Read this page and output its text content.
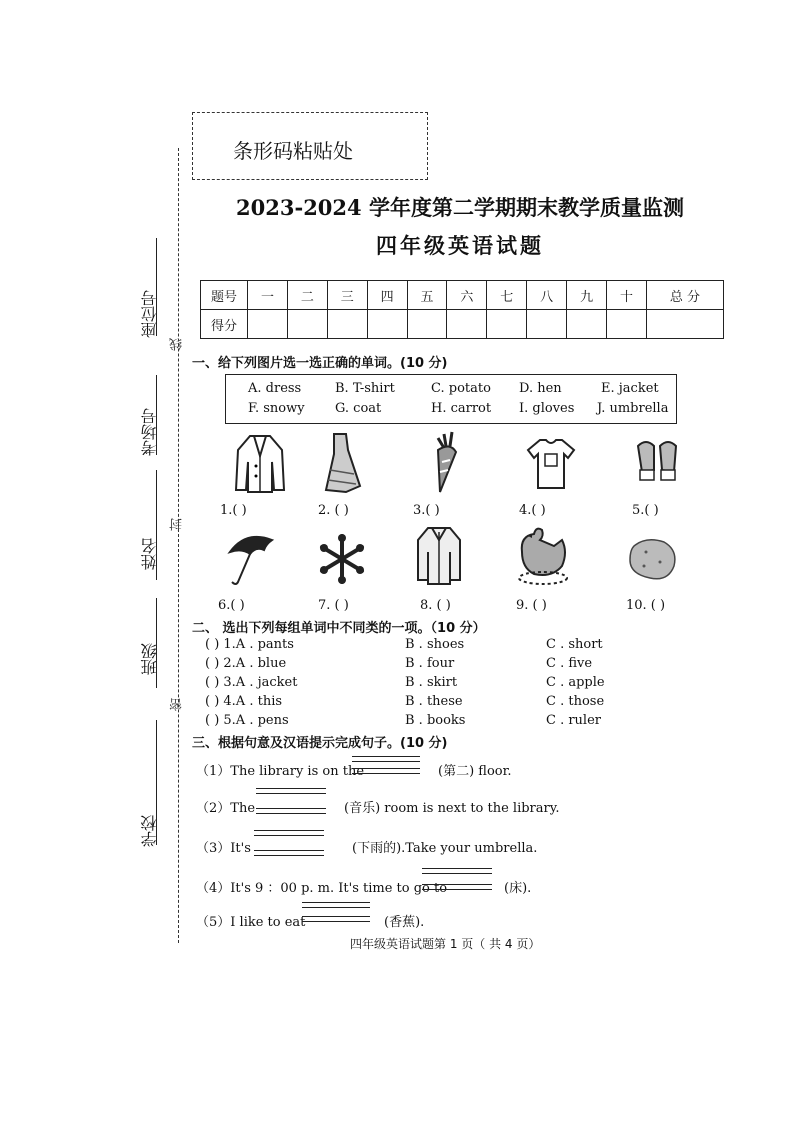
条形码粘贴处
座位号
考场号
姓名
班级
学校
线
封
密
2023-2024 学年度第二学期期末教学质量监测
四年级英语试题
题号	一	二	三	四	五	六	七	八	九	十	总 分
得分											
一、给下列图片选一选正确的单词。(10 分)
A. dress	B. T-shirt	C. potato D. hen	E. jacket
F. snowy G. coat	H. carrot I. gloves J. umbrella
1.( )	2. ( )	3.( )	4.( )	5.( )
6.( )	7. ( )	8. ( )	9. ( )	10. ( )
二、 选出下列每组单词中不同类的一项。（10 分）
( ) 1.A . pants	B . shoes	C . short
( ) 2.A . blue	B . four	C . five
( ) 3.A . jacket	B . skirt	C . apple
( ) 4.A . this	B . these	C . those
( ) 5.A . pens	B . books	C . ruler
三、根据句意及汉语提示完成句子。(10 分)
（1）The library is on the	(第二) floor.
（2）The	(音乐) room is next to the library.
（3）It's	(下雨的).Take your umbrella.
（4）It's 9 ：00 p. m. It's time to go to	(床).
（5）I like to eat	(香蕉).
四年级英语试题第 1 页（ 共 4 页）
